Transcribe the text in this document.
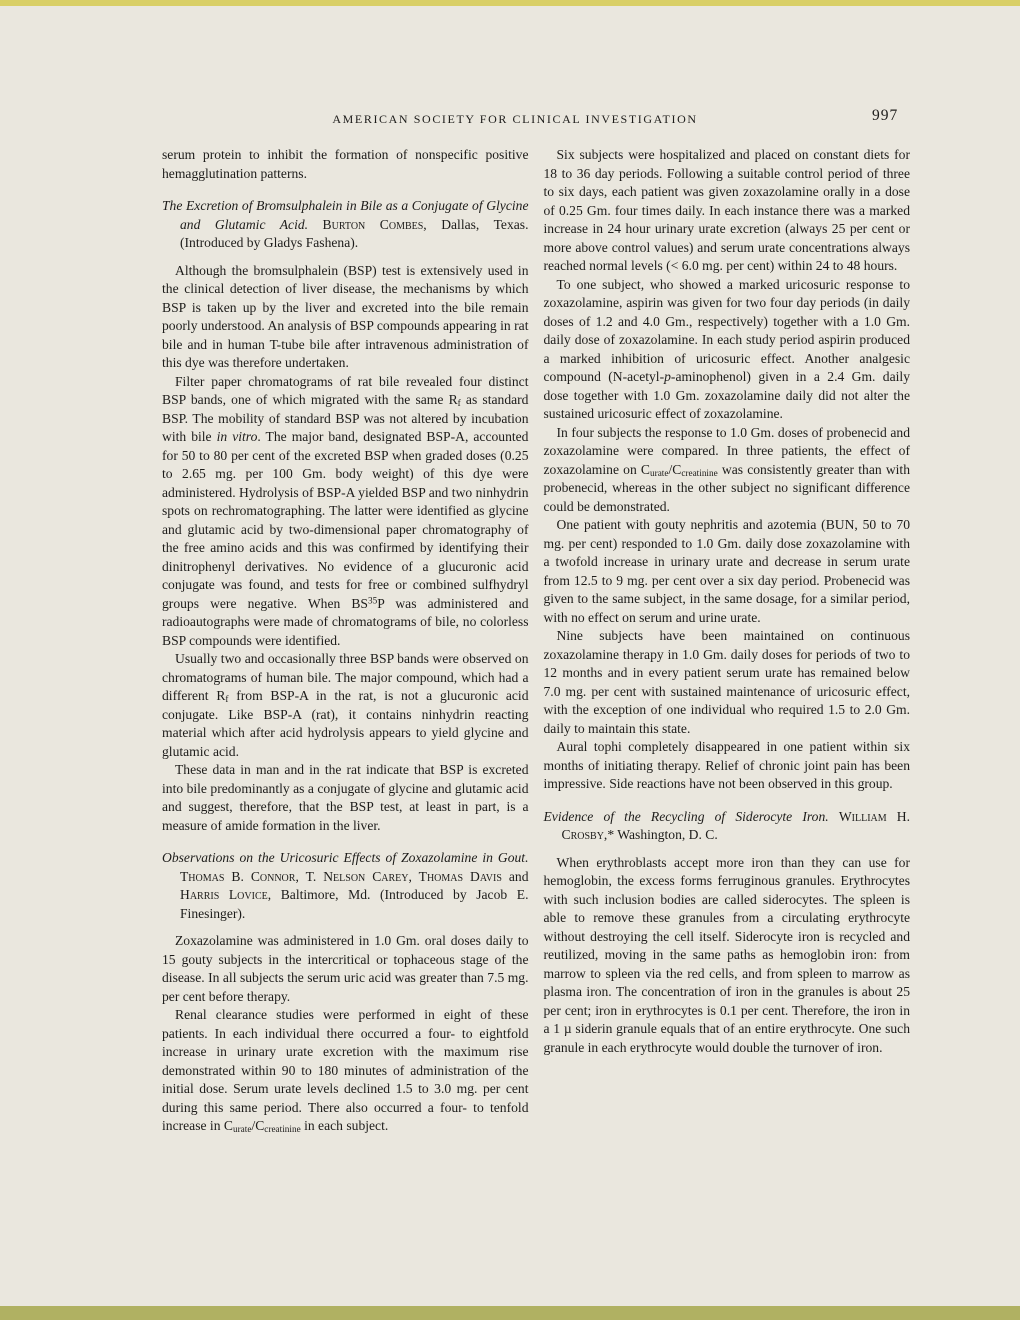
AMERICAN SOCIETY FOR CLINICAL INVESTIGATION	997

serum protein to inhibit the formation of nonspecific positive hemagglutination patterns.

The Excretion of Bromsulphalein in Bile as a Conjugate of Glycine and Glutamic Acid. Burton Combes, Dallas, Texas. (Introduced by Gladys Fashena).

Although the bromsulphalein (BSP) test is extensively used in the clinical detection of liver disease, the mechanisms by which BSP is taken up by the liver and excreted into the bile remain poorly understood. An analysis of BSP compounds appearing in rat bile and in human T-tube bile after intravenous administration of this dye was therefore undertaken.

Filter paper chromatograms of rat bile revealed four distinct BSP bands, one of which migrated with the same $R_f$ as standard BSP. The mobility of standard BSP was not altered by incubation with bile in vitro. The major band, designated BSP-A, accounted for 50 to 80 per cent of the excreted BSP when graded doses (0.25 to 2.65 mg. per 100 Gm. body weight) of this dye were administered. Hydrolysis of BSP-A yielded BSP and two ninhydrin spots on rechromatographing. The latter were identified as glycine and glutamic acid by two-dimensional paper chromatography of the free amino acids and this was confirmed by identifying their dinitrophenyl derivatives. No evidence of a glucuronic acid conjugate was found, and tests for free or combined sulfhydryl groups were negative. When BS$^{35}$P was administered and radioautographs were made of chromatograms of bile, no colorless BSP compounds were identified.

Usually two and occasionally three BSP bands were observed on chromatograms of human bile. The major compound, which had a different $R_f$ from BSP-A in the rat, is not a glucuronic acid conjugate. Like BSP-A (rat), it contains ninhydrin reacting material which after acid hydrolysis appears to yield glycine and glutamic acid.

These data in man and in the rat indicate that BSP is excreted into bile predominantly as a conjugate of glycine and glutamic acid and suggest, therefore, that the BSP test, at least in part, is a measure of amide formation in the liver.

Observations on the Uricosuric Effects of Zoxazolamine in Gout. Thomas B. Connor, T. Nelson Carey, Thomas Davis and Harris Lovice, Baltimore, Md. (Introduced by Jacob E. Finesinger).

Zoxazolamine was administered in 1.0 Gm. oral doses daily to 15 gouty subjects in the intercritical or tophaceous stage of the disease. In all subjects the serum uric acid was greater than 7.5 mg. per cent before therapy.

Renal clearance studies were performed in eight of these patients. In each individual there occurred a four- to eightfold increase in urinary urate excretion with the maximum rise demonstrated within 90 to 180 minutes of administration of the initial dose. Serum urate levels declined 1.5 to 3.0 mg. per cent during this same period. There also occurred a four- to tenfold increase in $C_{urate}/C_{creatinine}$ in each subject.

Six subjects were hospitalized and placed on constant diets for 18 to 36 day periods. Following a suitable control period of three to six days, each patient was given zoxazolamine orally in a dose of 0.25 Gm. four times daily. In each instance there was a marked increase in 24 hour urinary urate excretion (always 25 per cent or more above control values) and serum urate concentrations always reached normal levels (< 6.0 mg. per cent) within 24 to 48 hours.

To one subject, who showed a marked uricosuric response to zoxazolamine, aspirin was given for two four day periods (in daily doses of 1.2 and 4.0 Gm., respectively) together with a 1.0 Gm. daily dose of zoxazolamine. In each study period aspirin produced a marked inhibition of uricosuric effect. Another analgesic compound (N-acetyl-p-aminophenol) given in a 2.4 Gm. daily dose together with 1.0 Gm. zoxazolamine daily did not alter the sustained uricosuric effect of zoxazolamine.

In four subjects the response to 1.0 Gm. doses of probenecid and zoxazolamine were compared. In three patients, the effect of zoxazolamine on $C_{urate}/C_{creatinine}$ was consistently greater than with probenecid, whereas in the other subject no significant difference could be demonstrated.

One patient with gouty nephritis and azotemia (BUN, 50 to 70 mg. per cent) responded to 1.0 Gm. daily dose zoxazolamine with a twofold increase in urinary urate and decrease in serum urate from 12.5 to 9 mg. per cent over a six day period. Probenecid was given to the same subject, in the same dosage, for a similar period, with no effect on serum and urine urate.

Nine subjects have been maintained on continuous zoxazolamine therapy in 1.0 Gm. daily doses for periods of two to 12 months and in every patient serum urate has remained below 7.0 mg. per cent with sustained maintenance of uricosuric effect, with the exception of one individual who required 1.5 to 2.0 Gm. daily to maintain this state.

Aural tophi completely disappeared in one patient within six months of initiating therapy. Relief of chronic joint pain has been impressive. Side reactions have not been observed in this group.

Evidence of the Recycling of Siderocyte Iron. William H. Crosby,* Washington, D. C.

When erythroblasts accept more iron than they can use for hemoglobin, the excess forms ferruginous granules. Erythrocytes with such inclusion bodies are called siderocytes. The spleen is able to remove these granules from a circulating erythrocyte without destroying the cell itself. Siderocyte iron is recycled and reutilized, moving in the same paths as hemoglobin iron: from marrow to spleen via the red cells, and from spleen to marrow as plasma iron. The concentration of iron in the granules is about 25 per cent; iron in erythrocytes is 0.1 per cent. Therefore, the iron in a 1 µ siderin granule equals that of an entire erythrocyte. One such granule in each erythrocyte would double the turnover of iron.
